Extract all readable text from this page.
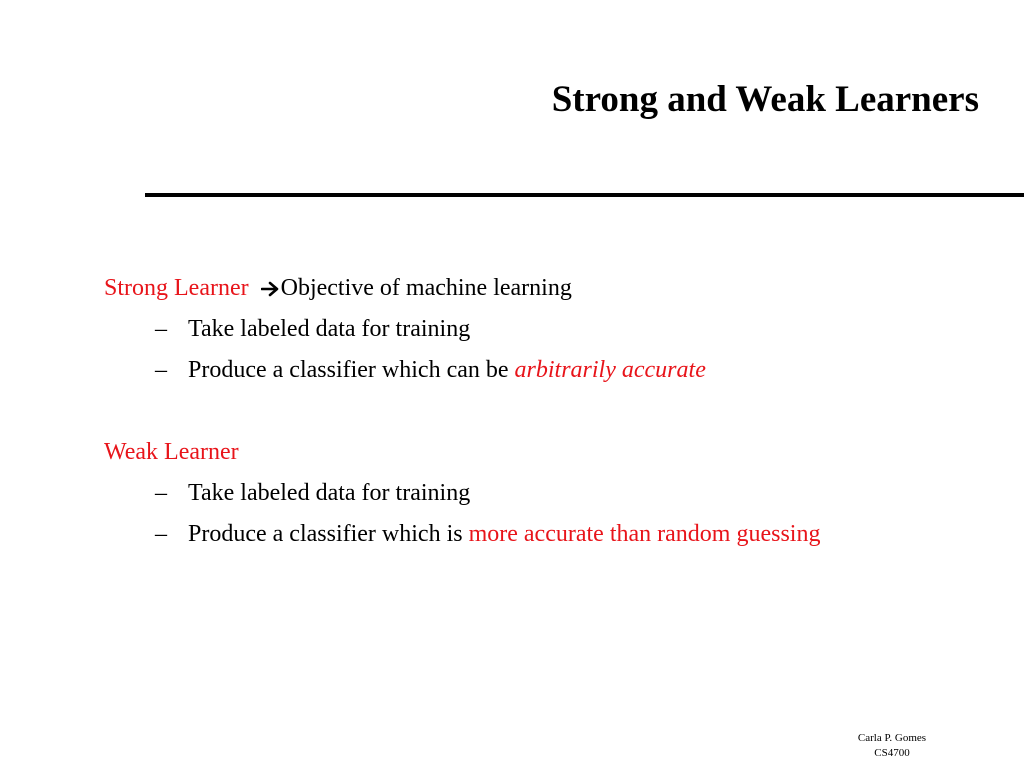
Strong and Weak Learners
Strong Learner Objective of machine learning
– Take labeled data for training
– Produce a classifier which can be arbitrarily accurate
Weak Learner
– Take labeled data for training
– Produce a classifier which is more accurate than random guessing
Carla P. Gomes
CS4700
